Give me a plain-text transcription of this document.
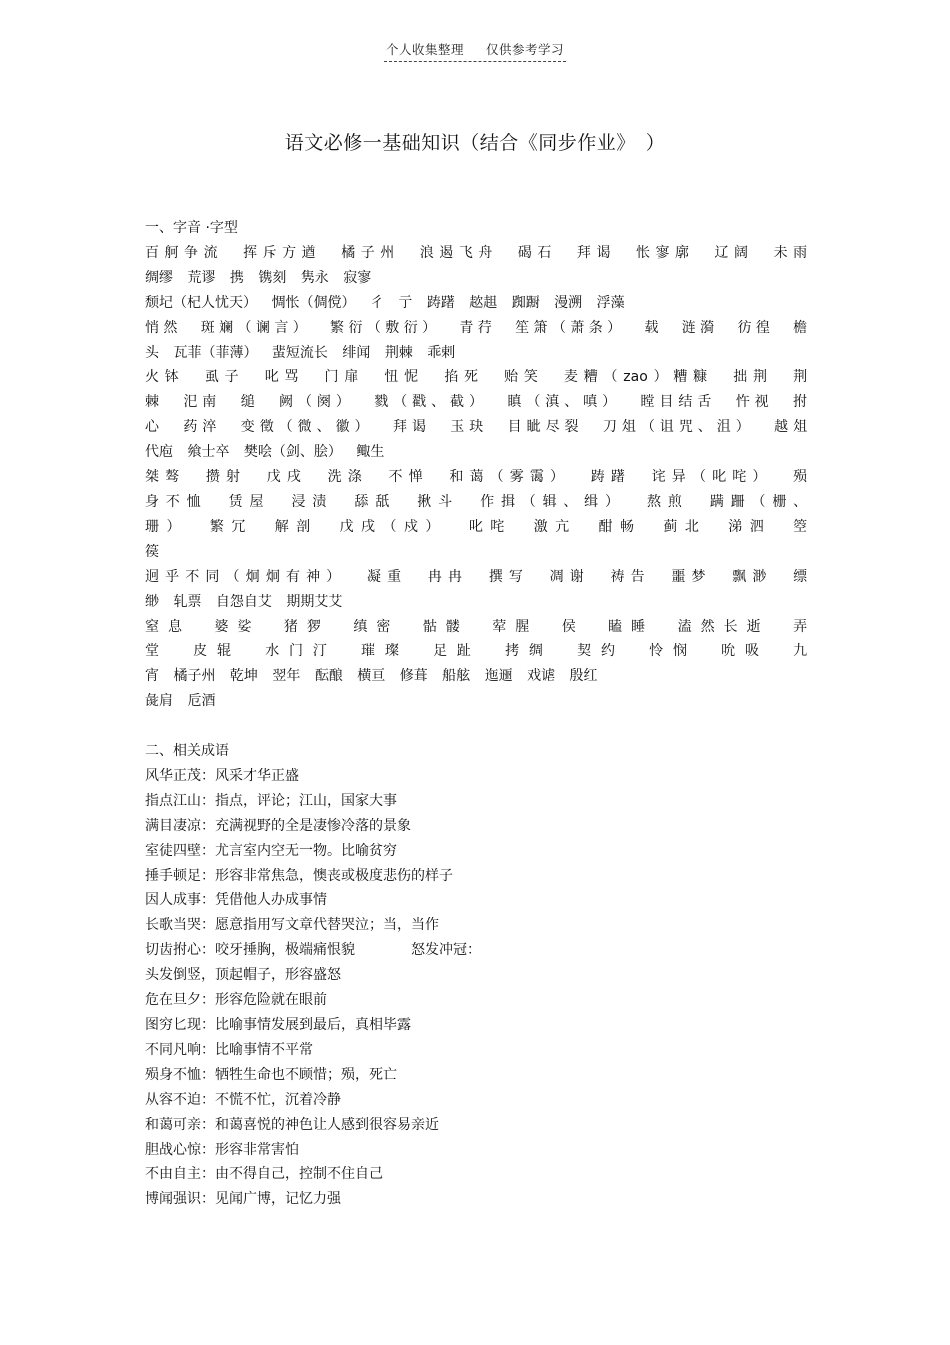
个人收集整理 仅供参考学习
语文必修一基础知识（结合《同步作业》　）
一、字音 ·字型
百舸争流 挥斥方遒 橘子州 浪遏飞舟 碣石 拜谒 怅寥廓 辽阔 未雨
绸缪 荒谬 携 镌刻 隽永 寂寥
颓圮（杞人忧天） 惆怅（倜傥） 彳 亍 踌躇 趑趄 踟蹰 漫溯 浮藻
悄然 斑斓（谰言） 繁衍（敷衍） 青荇 笙箫（萧条） 载 涟漪 彷徨 檐
头 瓦菲（菲薄） 蜚短流长 绯闻 荆棘 乖剌
火钵 虱子 叱骂 门扉 忸怩 掐死 贻笑 麦糟（zao）糟糠 拙荆 荆
棘 汜南 缒 阙（阕） 戮（戳、截） 瞋（滇、嗔） 瞠目结舌 忤视 拊
心 药淬 变徵（微、徽） 拜谒 玉玦 目眦尽裂 刀俎（诅咒、沮） 越俎
代庖 飨士卒 樊哙（剑、脍） 鲰生
桀骜 攒射 戊戌 洗涤 不惮 和蔼（雾霭） 踌躇 诧异（叱咤） 殒
身不恤 赁屋 浸渍 舔舐 揪斗 作揖（辑、缉） 熬煎 蹒跚（栅、
珊） 繁冗 解剖 戊戌（戍） 叱咤 激亢 酣畅 蓟北 涕泗 箜
篌
迥乎不同（炯炯有神） 凝重 冉冉 撰写 凋谢 祷告 噩梦 飘渺 缥
缈 轧票 自怨自艾 期期艾艾
窒息 婆娑 猪猡 缜密 骷髅 荤腥 侯 瞌睡 溘然长逝 弄
堂 皮辊 水门汀 璀璨 足趾 拷绸 契约 怜悯 吮吸 九
宵 橘子州 乾坤 翌年 酝酿 横亘 修葺 船舷 迤逦 戏谑 殷红
彘肩 卮酒
二、相关成语
风华正茂：风采才华正盛
指点江山：指点，评论；江山，国家大事
满目凄凉：充满视野的全是凄惨冷落的景象
室徒四壁：尤言室内空无一物。比喻贫穷
捶手顿足：形容非常焦急，懊丧或极度悲伤的样子
因人成事：凭借他人办成事情
长歌当哭：愿意指用写文章代替哭泣；当，当作
切齿拊心：咬牙捶胸，极端痛恨貌　　　　怒发冲冠：
头发倒竖，顶起帽子，形容盛怒
危在旦夕：形容危险就在眼前
图穷匕现：比喻事情发展到最后，真相毕露
不同凡响：比喻事情不平常
殒身不恤：牺牲生命也不顾惜；殒，死亡
从容不迫：不慌不忙，沉着冷静
和蔼可亲：和蔼喜悦的神色让人感到很容易亲近
胆战心惊：形容非常害怕
不由自主：由不得自己，控制不住自己
博闻强识：见闻广博，记忆力强
